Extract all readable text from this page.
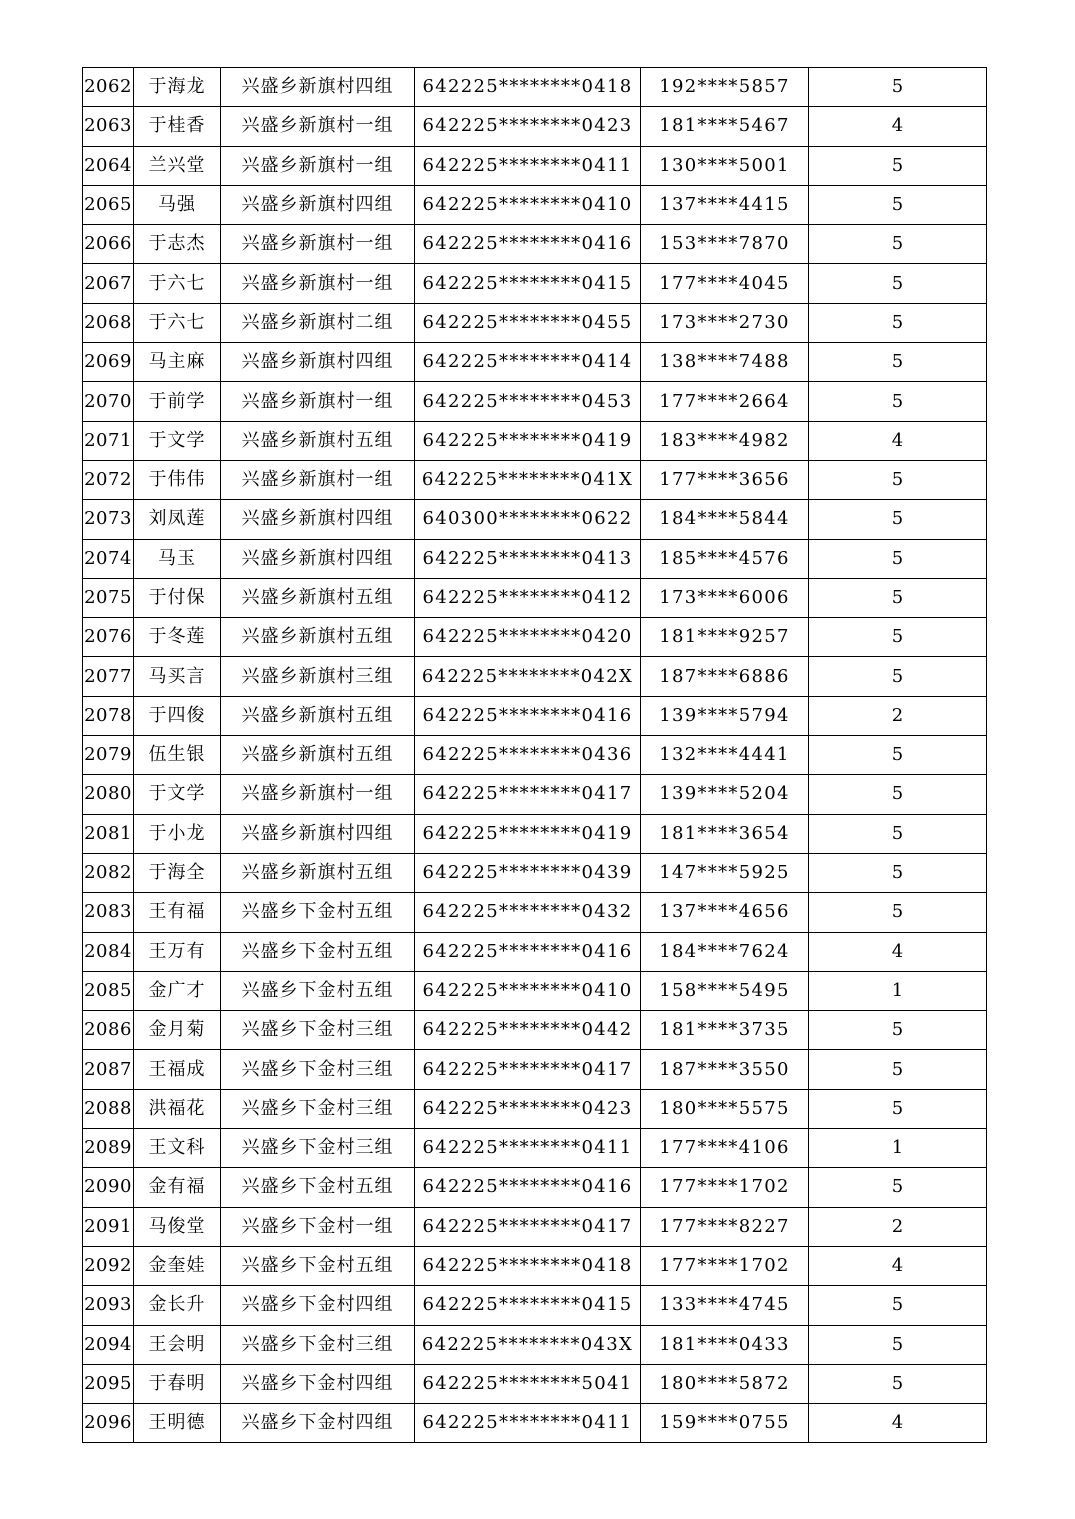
2062	于海龙	兴盛乡新旗村四组	642225********0418	192****5857	5
2063	于桂香	兴盛乡新旗村一组	642225********0423	181****5467	4
2064	兰兴堂	兴盛乡新旗村一组	642225********0411	130****5001	5
2065	马强	兴盛乡新旗村四组	642225********0410	137****4415	5
2066	于志杰	兴盛乡新旗村一组	642225********0416	153****7870	5
2067	于六七	兴盛乡新旗村一组	642225********0415	177****4045	5
2068	于六七	兴盛乡新旗村二组	642225********0455	173****2730	5
2069	马主麻	兴盛乡新旗村四组	642225********0414	138****7488	5
2070	于前学	兴盛乡新旗村一组	642225********0453	177****2664	5
2071	于文学	兴盛乡新旗村五组	642225********0419	183****4982	4
2072	于伟伟	兴盛乡新旗村一组	642225********041X	177****3656	5
2073	刘凤莲	兴盛乡新旗村四组	640300********0622	184****5844	5
2074	马玉	兴盛乡新旗村四组	642225********0413	185****4576	5
2075	于付保	兴盛乡新旗村五组	642225********0412	173****6006	5
2076	于冬莲	兴盛乡新旗村五组	642225********0420	181****9257	5
2077	马买言	兴盛乡新旗村三组	642225********042X	187****6886	5
2078	于四俊	兴盛乡新旗村五组	642225********0416	139****5794	2
2079	伍生银	兴盛乡新旗村五组	642225********0436	132****4441	5
2080	于文学	兴盛乡新旗村一组	642225********0417	139****5204	5
2081	于小龙	兴盛乡新旗村四组	642225********0419	181****3654	5
2082	于海全	兴盛乡新旗村五组	642225********0439	147****5925	5
2083	王有福	兴盛乡下金村五组	642225********0432	137****4656	5
2084	王万有	兴盛乡下金村五组	642225********0416	184****7624	4
2085	金广才	兴盛乡下金村五组	642225********0410	158****5495	1
2086	金月菊	兴盛乡下金村三组	642225********0442	181****3735	5
2087	王福成	兴盛乡下金村三组	642225********0417	187****3550	5
2088	洪福花	兴盛乡下金村三组	642225********0423	180****5575	5
2089	王文科	兴盛乡下金村三组	642225********0411	177****4106	1
2090	金有福	兴盛乡下金村五组	642225********0416	177****1702	5
2091	马俊堂	兴盛乡下金村一组	642225********0417	177****8227	2
2092	金奎娃	兴盛乡下金村五组	642225********0418	177****1702	4
2093	金长升	兴盛乡下金村四组	642225********0415	133****4745	5
2094	王会明	兴盛乡下金村三组	642225********043X	181****0433	5
2095	于春明	兴盛乡下金村四组	642225********5041	180****5872	5
2096	王明德	兴盛乡下金村四组	642225********0411	159****0755	4
